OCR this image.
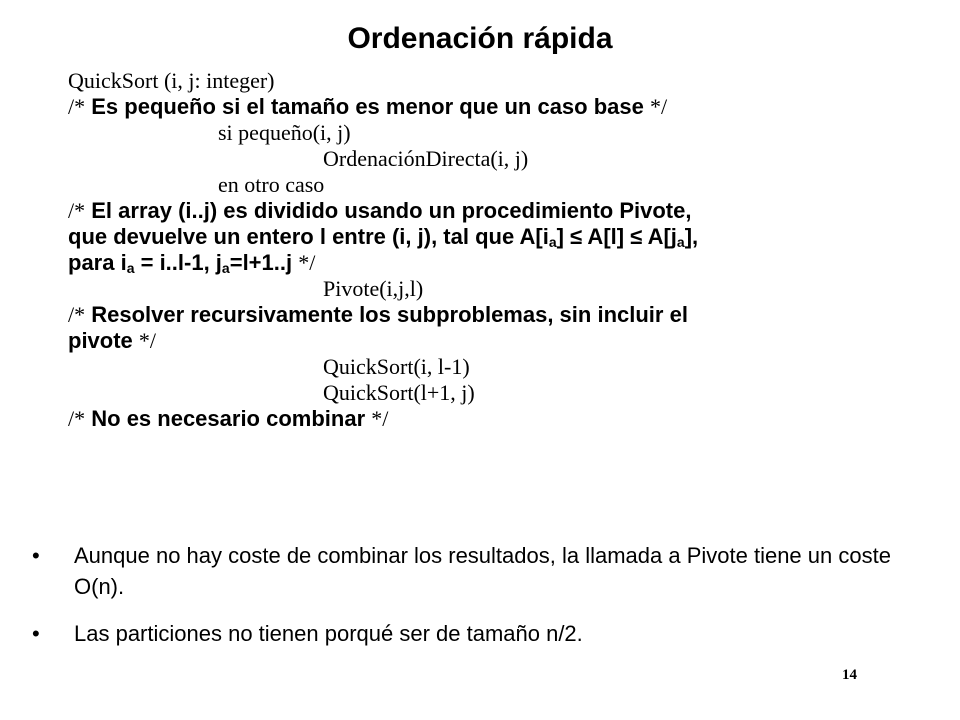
Ordenación rápida
QuickSort (i, j: integer)
/* Es pequeño si el tamaño es menor que un caso base */
si pequeño(i, j)
OrdenaciónDirecta(i, j)
en otro caso
/* El array (i..j) es dividido usando un procedimiento Pivote,
que devuelve un entero l entre (i, j), tal que $A[i_a] \le A[l] \le A[j_a]$,
para $i_a = i..l-1$, $j_a=l+1..j$ */
Pivote(i,j,l)
/* Resolver recursivamente los subproblemas, sin incluir el
pivote */
QuickSort(i, l-1)
QuickSort(l+1, j)
/* No es necesario combinar */
•	Aunque no hay coste de combinar los resultados, la llamada a Pivote tiene un coste O(n).
•	Las particiones no tienen porqué ser de tamaño n/2.
14
